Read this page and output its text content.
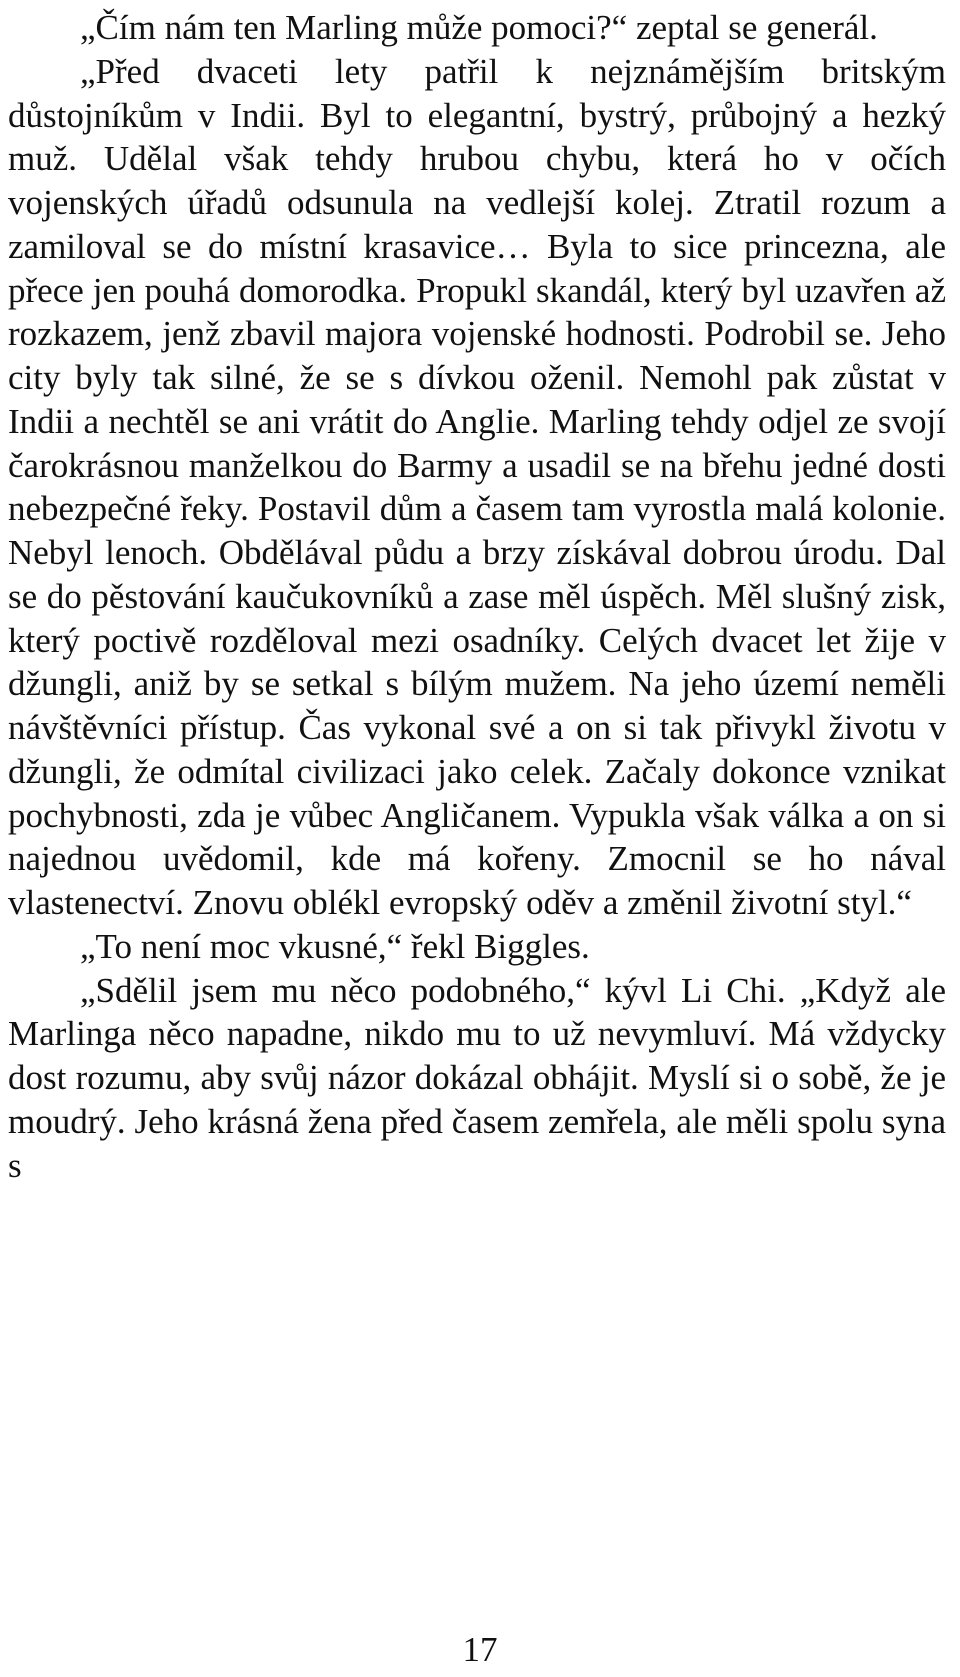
„Čím nám ten Marling může pomoci?“ zeptal se generál.

„Před dvaceti lety patřil k nejznámějším britským důstojníkům v Indii. Byl to elegantní, bystrý, průbojný a hezký muž. Udělal však tehdy hrubou chybu, která ho v očích vojenských úřadů odsunula na vedlejší kolej. Ztratil rozum a zamiloval se do místní krasavice… Byla to sice princezna, ale přece jen pouhá domorodka. Propukl skandál, který byl uzavřen až rozkazem, jenž zbavil majora vojenské hodnosti. Podrobil se. Jeho city byly tak silné, že se s dívkou oženil. Nemohl pak zůstat v Indii a nechtěl se ani vrátit do Anglie. Marling tehdy odjel ze svojí čarokrásnou manželkou do Barmy a usadil se na břehu jedné dosti nebezpečné řeky. Postavil dům a časem tam vyrostla malá kolonie. Nebyl lenoch. Obdělával půdu a brzy získával dobrou úrodu. Dal se do pěstování kaučukovníků a zase měl úspěch. Měl slušný zisk, který poctivě rozděloval mezi osadníky. Celých dvacet let žije v džungli, aniž by se setkal s bílým mužem. Na jeho území neměli návštěvníci přístup. Čas vykonal své a on si tak přivykl životu v džungli, že odmítal civilizaci jako celek. Začaly dokonce vznikat pochybnosti, zda je vůbec Angličanem. Vypukla však válka a on si najednou uvědomil, kde má kořeny. Zmocnil se ho nával vlastenectví. Znovu oblékl evropský oděv a změnil životní styl.“

„To není moc vkusné,“ řekl Biggles.

„Sdělil jsem mu něco podobného,“ kývl Li Chi. „Když ale Marlinga něco napadne, nikdo mu to už nevymluví. Má vždycky dost rozumu, aby svůj názor dokázal obhájit. Myslí si o sobě, že je moudrý. Jeho krásná žena před časem zemřela, ale měli spolu syna s

17
